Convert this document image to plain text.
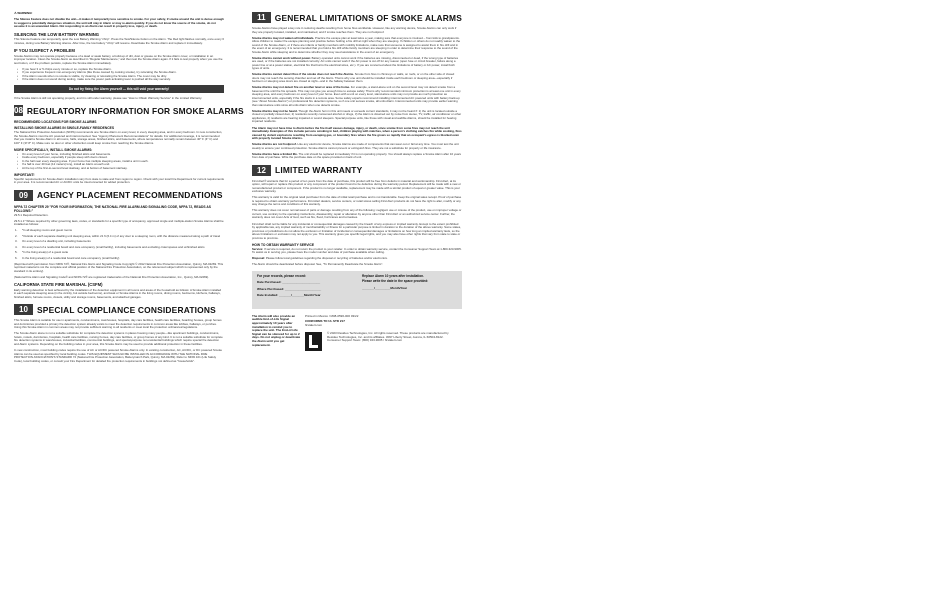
⚠ WARNING!

The Silence Feature does not disable the unit—it makes it temporarily less sensitive to smoke. For your safety, if smoke around the unit is dense enough to suggest a potentially dangerous situation, the unit will stay in Alarm or may re-alarm quickly. If you do not know the source of the smoke, do not assume it is an unwanted Alarm. Not responding to an Alarm can result in property loss, injury, or death.

SILENCING THE LOW BATTERY WARNING

This Silence Feature can temporarily quiet the Low Battery Warning "chirp". Press the Test/Silence button on the Alarm. The Red light flashes normally, once every 6 minutes, during Low Battery Warning silence. After time, the low battery "chirp" will resume. Deactivate the Smoke Alarm and replace it immediately.

IF YOU SUSPECT A PROBLEM

Smoke Alarms may not operate properly because of a dead or weak battery, a build-up of dirt, dust or grease on the Smoke Alarm cover, or installation in an improper location. Clean the Smoke Alarm as described in "Regular Maintenance," and then test the Smoke Alarm again. If it fails to test properly when you use the test button, or if the problem persists, replace the Smoke Alarm immediately.

• If you hear 3 or 5 chirps every minute or so, replace the Smoke Alarm.
• If you experience frequent non-emergency Alarms (like those caused by cooking smoke), try relocating the Smoke Alarm.
• If the Alarm sounds when no smoke is visible, try cleaning or relocating the Smoke Alarm. The cover may be dirty.
• If the Alarm does not sound during testing, make sure the power pack activating lever is pushed all the way securely.
Do not try fixing the Alarm yourself — this will void your warranty!

If the Smoke Alarm is still not operating properly, and it is still under warranty, please see "How to Obtain Warranty Service" in the Limited Warranty.

08 REGULATORY INFORMATION FOR SMOKE ALARMS
RECOMMENDED LOCATIONS FOR SMOKE ALARMS
INSTALLING SMOKE ALARMS IN SINGLE-FAMILY RESIDENCES

The National Fire Protection Association (NFPA) recommends one Smoke Alarm on every level, in every sleeping area, and in every bedroom. In new construction, the Smoke Alarms must be AC powered and interconnected. See "Agency Placement Recommendations" for details. For additional coverage, it is recommended that you install a Smoke Alarm in all rooms, halls, storage areas, finished attics, and basements, where temperatures normally remain between 40° F (4° C) and 100° F (37.8° C). Make sure no door or other obstruction could keep smoke from reaching the Smoke Alarms.

MORE SPECIFICALLY, INSTALL SMOKE ALARMS:
• On every level of your home, including finished attics and basements.
• Inside every bedroom, especially if people sleep with doors closed.
• In the hall near every sleeping area. If your home has multiple sleeping areas, install a unit in each.
• If a hall is over 40 feet (12 meters) long, install an Alarm at each end.
• At the top of the first-to-second level stairway, and at bottom of basement stairway.
IMPORTANT!

Specific requirements for Smoke Alarm installation vary from state to state and from region to region. Check with your local Fire Department for current requirements in your area. It is recommended AC or AC/DC units be interconnected for added protection.

09	AGENCY PLACEMENT RECOMMENDATIONS
NFPA 72 CHAPTER 29 "FOR YOUR INFORMATION, THE NATIONAL FIRE ALARM AND SIGNALING CODE, NFPA 72, READS AS FOLLOWS:"

29.5.1 Required Detection.

29.5.1.1* Where required by other governing laws, codes, or standards for a specific type of occupancy, approved single and multiple-station Smoke Alarms shall be installed as follows:

1. *In all sleeping rooms and guest rooms
2. *Outside of each separate dwelling unit sleeping area, within 21 ft (6.4 m) of any door to a sleeping room, with the distance measured along a path of travel
3. On every level of a dwelling unit, including basements
4. On every level of a residential board and care occupancy (small facility), including basements and excluding crawl spaces and unfinished attics
5. *In the living area(s) of a guest suite
6. In the living area(s) of a residential board and care occupancy (small facility)

(Reprinted with permission from NFPA 72®, National Fire Alarm and Signaling Code Copyright © 2012 National Fire Protection Association, Quincy, MA 02269. This reprinted material is not the complete and official position of the National Fire Protection Association, on the referenced subject which is represented only by the standard in its entirety).

(National Fire Alarm and Signaling Code® and NFPA 72® are registered trademarks of the National Fire Protection Association, Inc., Quincy, MA 02269).

CALIFORNIA STATE FIRE MARSHAL (CSFM)

Early warning detection is best achieved by the installation of fire detection equipment in all rooms and areas of the household as follows: A Smoke Alarm installed in each separate sleeping area (in the vicinity, but outside bedrooms), and Heat or Smoke Alarms in the living rooms, dining rooms, bedrooms, kitchens, hallways, finished attics, furnace rooms, closets, utility and storage rooms, basements, and attached garages.

10	SPECIAL COMPLIANCE CONSIDERATIONS

This Smoke Alarm is suitable for use in apartments, condominiums, townhouses, hospitals, day care facilities, health care facilities, boarding houses, group homes and dormitories provided a primary fire detection system already exists to meet fire detection requirements in common areas like lobbies, hallways, or porches. Using this Smoke Alarm in common areas may not provide sufficient warning to all residents or meet local fire protection ordinances/regulations.

The Smoke Alarm alone is not a suitable substitute for complete fire detection systems in places housing many people—like apartment buildings, condominiums, hotels, motels, dormitories, hospitals, health care facilities, nursing homes, day care facilities, or group homes of any kind. It is not a suitable substitute for complete fire detection systems in warehouses, industrial facilities, commercial buildings, and special-purpose non-residential buildings which require special fire detection and Alarm systems. Depending on the building codes in your area, this Smoke Alarm may be used to provide additional protection in these facilities.

In new construction, most building codes require the use of AC or AC/DC powered Smoke Alarms only. In existing construction, AC, AC/DC, or DC powered Smoke Alarms can be used as specified by local building codes. THIS EQUIPMENT SHOULD BE INSTALLED IN ACCORDANCE WITH THE NATIONAL FIRE PROTECTION ASSOCIATION'S STANDARD 72 (National Fire Protection Association, Batterymarch Park, Quincy, MA 02269). Refer to NFPA 101 (Life Safety Code), local building codes, or consult your Fire Department for detailed fire protection requirements in buildings not defined as "households".

11	GENERAL LIMITATIONS OF SMOKE ALARMS

Smoke Alarms have played a key role in reducing deaths resulting from home fires worldwide. However, like any warning device, Smoke Alarms can only work if they are properly located, installed, and maintained, and if smoke reaches them. They are not foolproof.

Smoke Alarms may not waken all individuals. Practice the escape plan at least twice a year, making sure that everyone is involved – from kids to grandparents. Allow children to master fire escape planning and practice before holding a fire drill at night when they are sleeping. If children or others do not readily waken to the sound of the Smoke Alarm, or if there are infants or family members with mobility limitations, make sure that someone is assigned to assist them in fire drill and in the event of an emergency. It is recommended that you hold a fire drill while family members are sleeping in order to determine their response to the sound of the Smoke Alarm while sleeping and to determine whether they may need assistance in the event of an emergency.

Smoke Alarms cannot work without power. Battery operated units cannot work if the batteries are missing, disconnected or dead, if the wrong type of batteries are used, or if the batteries are not installed correctly. AC units cannot work if the AC power is cut off for any reason (open fuse or circuit breaker, failure along a power line or at a power station, electrical fire that burns the electrical wires, etc.). If you are concerned about the limitations of battery or AC power, install both types of units.

Smoke Alarms cannot detect fires if the smoke does not reach the Alarms. Smoke from fires in chimneys or walls, on roofs, or on the other side of closed doors may not reach the sensing chamber and set off the Alarm. That is why one unit should be installed inside each bedroom or sleeping area—especially if bedroom or sleeping area doors are closed at night—and in the hallway between them.

Smoke Alarms may not detect fire on another level or area of the home. For example, a stand-alone unit on the second level may not detect smoke from a basement fire until the fire spreads. This may not give you enough time to escape safely. That is why recommended minimum protection is at least one unit in every sleeping area, and every bedroom on every level of your home. Even with a unit on every level, stand-alone units may not provide as much protection as interconnected units, especially if the fire starts in a remote area. Some safety experts recommend installing interconnected AC powered units with battery back-up (see "About Smoke Alarms") or professional fire detection systems, so if one unit senses smoke, all units Alarm. Interconnected units may provide earlier warning than stand-alone units since all units Alarm when one detects smoke.

Smoke Alarms may not be heard. Though the Alarm horn in this unit meets or exceeds current standards, it may not be heard if: 1) the unit is located outside a closed or partially closed door, 2) residents recently consumed alcohol or drugs, 3) the Alarm is drowned out by noise from stereo, TV, traffic, air conditioner or other appliances, 4) residents are hearing impaired or sound sleepers. Special purpose units, like those with visual and audible Alarms, should be installed for hearing impaired residents.

The Alarm may not have time to Alarm before the fire itself causes damage, injury, or death, since smoke from some fires may not reach the unit immediately. Examples of this include persons smoking in bed, children playing with matches, when a person's clothing catches fire while cooking, fires caused by violent explosions resulting from escaping gas, or boundary fires where the fire grows so rapidly that an occupant's egress is blocked even with properly located Smoke Alarms.

Smoke Alarms are not foolproof. Like any electronic device, Smoke Alarms are made of components that can wear out or fail at any time. You must test the unit weekly to ensure your continued protection. Smoke Alarms cannot prevent or extinguish fires. They are not a substitute for property or life insurance.

Smoke Alarms have a limited life. The unit should be replaced immediately if it is not operating properly. You should always replace a Smoke Alarm after 10 years from date of purchase. Write the purchase date on the space provided on back of unit.

12	LIMITED WARRANTY

First Alert® warrants that for a period of ten years from the date of purchase, this product will be free from defects in material and workmanship. First Alert, at its option, will repair or replace this product or any component of the product found to be defective during the warranty period. Replacement will be made with a new or remanufactured product or component. If the product is no longer available, replacement may be made with a similar product of equal or greater value. This is your exclusive warranty.

This warranty is valid for the original retail purchaser from the date of initial retail purchase and is not transferable. Keep the original sales receipt. Proof of purchase is required to obtain warranty performance. First Alert dealers, service centers, or retail stores selling First Alert products do not have the right to alter, modify or any way change the terms and conditions of this warranty.

This warranty does not cover normal wear of parts or damage resulting from any of the following: negligent use or misuse of the product, use on improper voltage or current, use contrary to the operating instructions, disassembly, repair or alteration by anyone other than First Alert or an authorized service center. Further, the warranty does not cover Acts of God, such as fire, flood, hurricanes and tornadoes.

First Alert shall not be liable for any incidental or consequential damages caused by the breach of any express or implied warranty. Except to the extent prohibited by applicable law, any implied warranty of merchantability or fitness for a particular purpose is limited in duration to the duration of the above warranty. Some states, provinces or jurisdictions do not allow the exclusion or limitation of incidental or consequential damages or limitations on how long an implied warranty lasts, so the above limitations or exclusion may not apply to you. This warranty gives you specific legal rights, and you may also have other rights that vary from state to state or province to province.

HOW TO OBTAIN WARRANTY SERVICE

Service: If service is required, do not return the product to your retailer. In order to obtain warranty service, contact the Consumer Support Team at 1-800-323-9005. To assist us in serving you, please have the model number and date of purchase available when calling.

Disposal: Please follow local guidelines regarding the disposal or recycling of batteries and/or electronics.

The Alarm should be deactivated before disposal. See, "To Permanently Deactivate the Smoke Alarm".

For your records, please record:
Date Purchased: ______________________
Where Purchased: _____________________
Date Installed: _______/_______Month/Year
Replace Alarm 10 years after installation.
Please write the date in the space provided:
_______/_________Month/Year

The Alarm will also provide an audible End-of-Life Signal approximately 10 years after installation to remind you to replace the unit. The End-of-Life Signal can be silenced for up to 2 days. Do not unplug or deactivate the Alarm until you get replacement.

Printed in Mexico / M08-0596-000 03/22

CONFORMS TO UL STD 217

firstalert.com

© 2023 Resideo Technologies, Inc. All rights reserved. These products are manufactured by Resideo Technologies, Inc. and its affiliates. 3097 Liberty Street, Aurora, IL 60504-8122. Consumer Support Team: (800) 323-9005 / firstalert.com
